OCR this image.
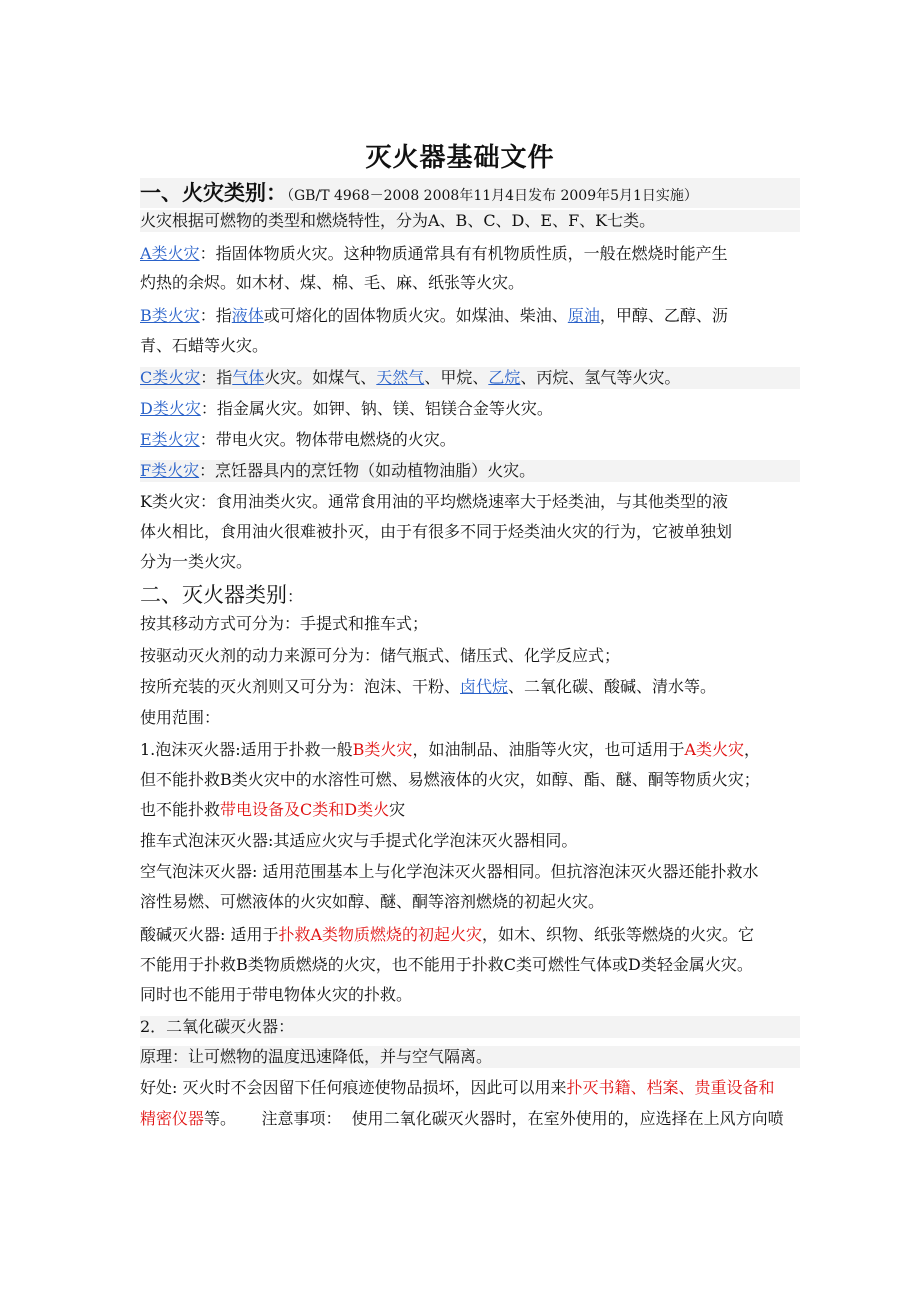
灭火器基础文件
一、火灾类别：（GB/T 4968－2008 2008年11月4日发布 2009年5月1日实施）
火灾根据可燃物的类型和燃烧特性，分为A、B、C、D、E、F、K七类。
A类火灾：指固体物质火灾。这种物质通常具有有机物质性质，一般在燃烧时能产生
灼热的余烬。如木材、煤、棉、毛、麻、纸张等火灾。
B类火灾：指液体或可熔化的固体物质火灾。如煤油、柴油、原油，甲醇、乙醇、沥
青、石蜡等火灾。
C类火灾：指气体火灾。如煤气、天然气、甲烷、乙烷、丙烷、氢气等火灾。
D类火灾：指金属火灾。如钾、钠、镁、铝镁合金等火灾。
E类火灾：带电火灾。物体带电燃烧的火灾。
F类火灾：烹饪器具内的烹饪物（如动植物油脂）火灾。
K类火灾：食用油类火灾。通常食用油的平均燃烧速率大于烃类油，与其他类型的液
体火相比，食用油火很难被扑灭，由于有很多不同于烃类油火灾的行为，它被单独划
分为一类火灾。
二、灭火器类别：
按其移动方式可分为：手提式和推车式；
按驱动灭火剂的动力来源可分为：储气瓶式、储压式、化学反应式；
按所充装的灭火剂则又可分为：泡沫、干粉、卤代烷、二氧化碳、酸碱、清水等。
使用范围：
1.泡沫灭火器:适用于扑救一般B类火灾，如油制品、油脂等火灾，也可适用于A类火灾，
但不能扑救B类火灾中的水溶性可燃、易燃液体的火灾，如醇、酯、醚、酮等物质火灾；
也不能扑救带电设备及C类和D类火灾
推车式泡沫灭火器:其适应火灾与手提式化学泡沫灭火器相同。
空气泡沫灭火器: 适用范围基本上与化学泡沫灭火器相同。但抗溶泡沫灭火器还能扑救水
溶性易燃、可燃液体的火灾如醇、醚、酮等溶剂燃烧的初起火灾。
酸碱灭火器: 适用于扑救A类物质燃烧的初起火灾，如木、织物、纸张等燃烧的火灾。它
不能用于扑救B类物质燃烧的火灾，也不能用于扑救C类可燃性气体或D类轻金属火灾。
同时也不能用于带电物体火灾的扑救。
2．二氧化碳灭火器：
原理：让可燃物的温度迅速降低，并与空气隔离。
好处: 灭火时不会因留下任何痕迹使物品损坏，因此可以用来扑灭书籍、档案、贵重设备和
精密仪器等。     注意事项：  使用二氧化碳灭火器时，在室外使用的，应选择在上风方向喷
